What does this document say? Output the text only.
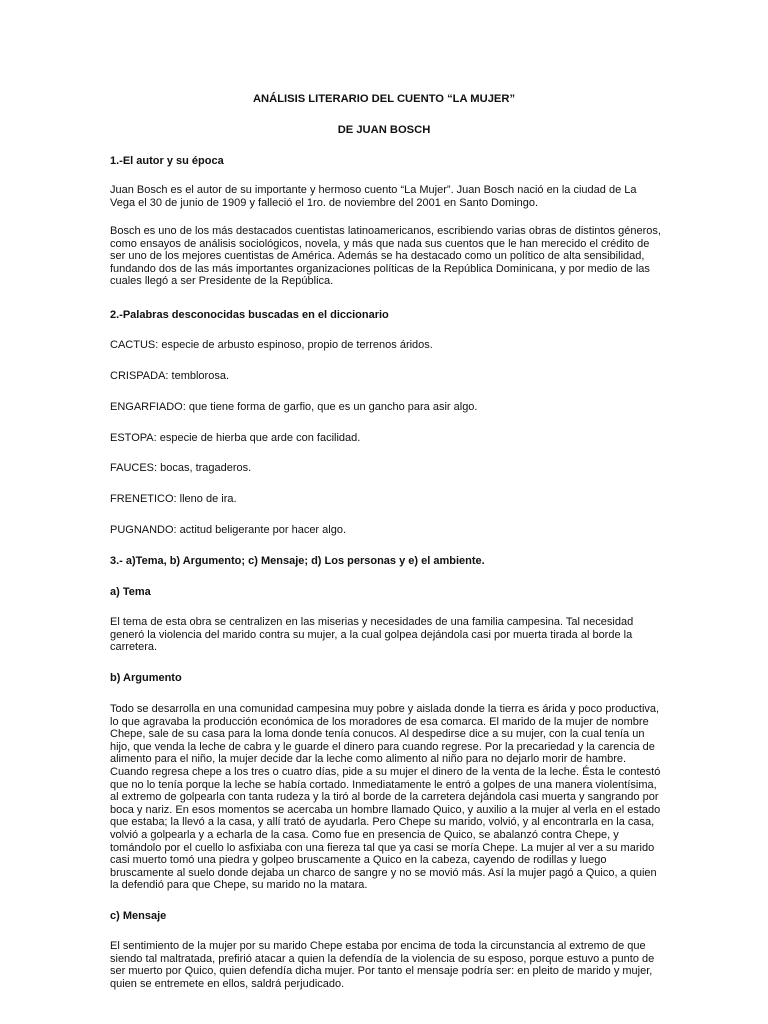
ANÁLISIS LITERARIO DEL CUENTO “LA MUJER”

DE JUAN BOSCH

1.-El autor y su época

Juan Bosch es el autor de su importante y hermoso cuento “La Mujer”. Juan Bosch nació en la ciudad de La Vega el 30 de junio de 1909 y falleció el 1ro. de noviembre del 2001 en Santo Domingo.

Bosch es uno de los más destacados cuentistas latinoamericanos, escribiendo varias obras de distintos géneros, como ensayos de análisis sociológicos, novela, y más que nada sus cuentos que le han merecido el crédito de ser uno de los mejores cuentistas de América. Además se ha destacado como un político de alta sensibilidad, fundando dos de las más importantes organizaciones políticas de la República Dominicana, y por medio de las cuales llegó a ser Presidente de la República.

2.-Palabras desconocidas buscadas en el diccionario

CACTUS: especie de arbusto espinoso, propio de terrenos áridos.

CRISPADA: temblorosa.

ENGARFIADO: que tiene forma de garfio, que es un gancho para asir algo.

ESTOPA: especie de hierba que arde con facilidad.

FAUCES: bocas, tragaderos.

FRENETICO: lleno de ira.

PUGNANDO: actitud beligerante por hacer algo.

3.- a)Tema, b) Argumento; c) Mensaje; d) Los personas y e) el ambiente.

a) Tema

El tema de esta obra se centralizen en las miserias y necesidades de una familia campesina. Tal necesidad generó la violencia del marido contra su mujer, a la cual golpea dejándola casi por muerta tirada al borde la carretera.

b) Argumento

Todo se desarrolla en una comunidad campesina muy pobre y aislada donde la tierra es árida y poco productiva, lo que agravaba la producción económica de los moradores de esa comarca. El marido de la mujer de nombre Chepe, sale de su casa para la loma donde tenía conucos. Al despedirse dice a su mujer, con la cual tenía un hijo, que venda la leche de cabra y le guarde el dinero para cuando regrese. Por la precariedad y la carencia de alimento para el niño, la mujer decide dar la leche como alimento al niño para no dejarlo morir de hambre. Cuando regresa chepe a los tres o cuatro días, pide a su mujer el dinero de la venta de la leche. Ésta le contestó que no lo tenía porque la leche se había cortado. Inmediatamente le entró a golpes de una manera violentísima, al extremo de golpearla con tanta rudeza y la tiró al borde de la carretera dejándola casi muerta y sangrando por boca y nariz. En esos momentos se acercaba un hombre llamado Quico, y auxilio a la mujer al verla en el estado que estaba; la llevó a la casa, y allí trató de ayudarla. Pero Chepe su marido, volvió, y al encontrarla en la casa, volvió a golpearla y a echarla de la casa. Como fue en presencia de Quico, se abalanzó contra Chepe, y tomándolo por el cuello lo asfixiaba con una fiereza tal que ya casi se moría Chepe. La mujer al ver a su marido casi muerto tomó una piedra y golpeo bruscamente a Quico en la cabeza, cayendo de rodillas y luego bruscamente al suelo donde dejaba un charco de sangre y no se movió más. Así la mujer pagó a Quico, a quien la defendió para que Chepe, su marido no la matara.

c) Mensaje

El sentimiento de la mujer por su marido Chepe estaba por encima de toda la circunstancia al extremo de que siendo tal maltratada, prefirió atacar a quien la defendía de la violencia de su esposo, porque estuvo a punto de ser muerto por Quico, quien defendía dicha mujer. Por tanto el mensaje podría ser: en pleito de marido y mujer, quien se entremete en ellos, saldrá perjudicado.
